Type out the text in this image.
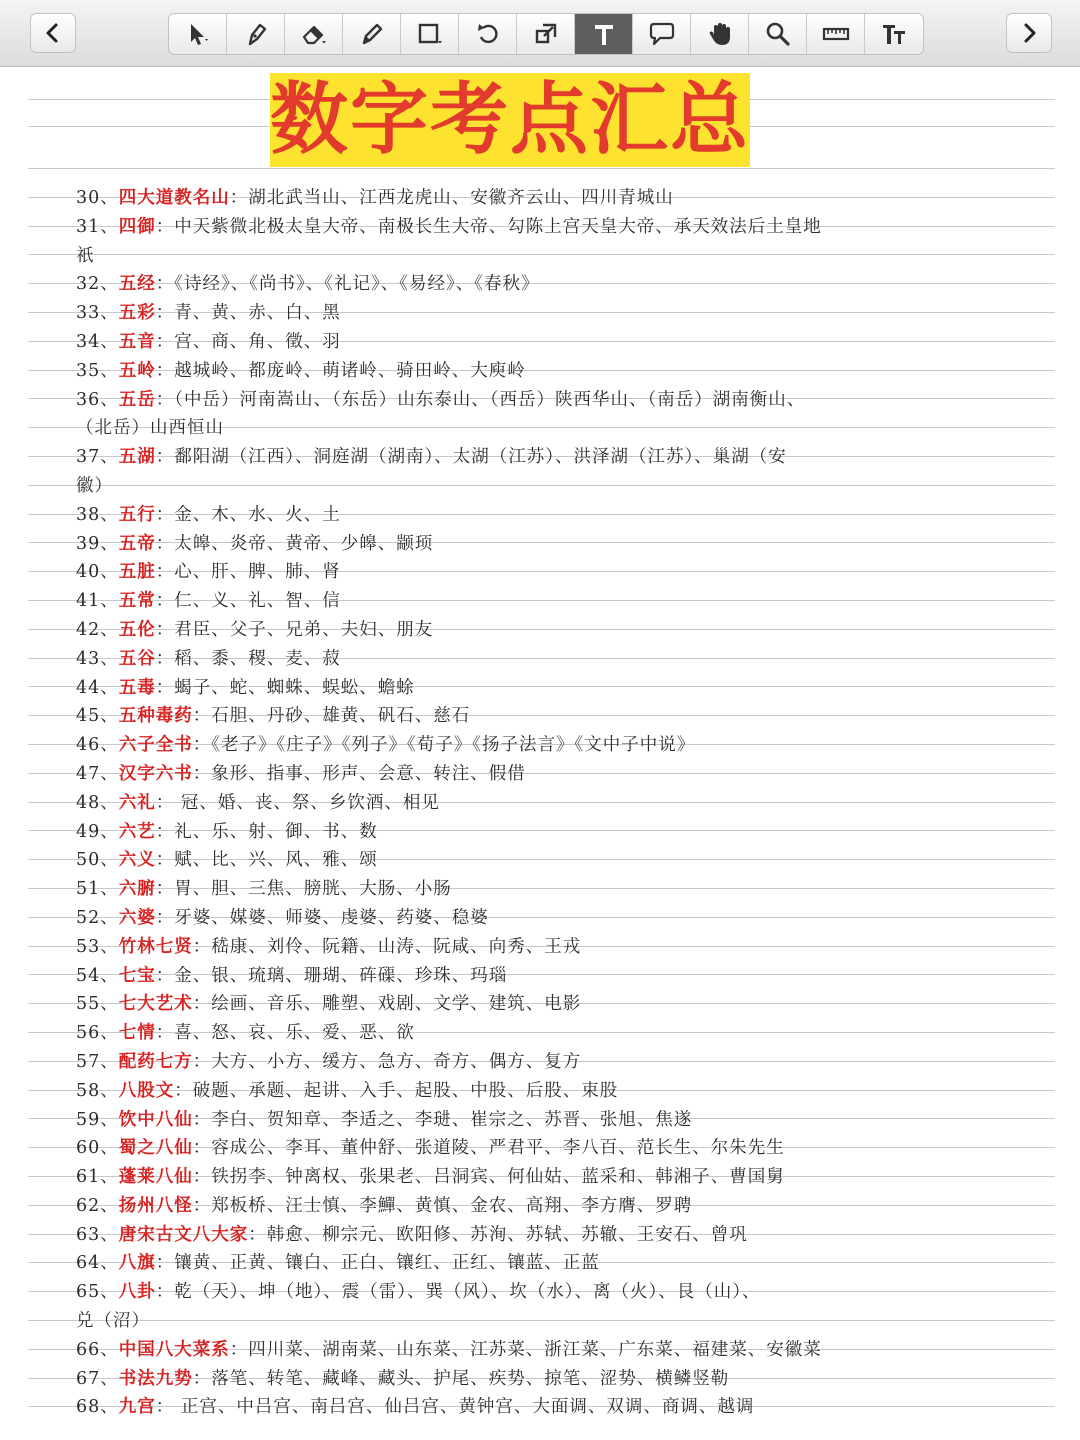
数字考点汇总
30、四大道教名山：湖北武当山、江西龙虎山、安徽齐云山、四川青城山
31、四御：中天紫微北极太皇大帝、南极长生大帝、勾陈上宫天皇大帝、承天效法后土皇地
祇
32、五经：《诗经》、《尚书》、《礼记》、《易经》、《春秋》
33、五彩：青、黄、赤、白、黑
34、五音：宫、商、角、徵、羽
35、五岭：越城岭、都庞岭、萌诸岭、骑田岭、大庾岭
36、五岳：（中岳）河南嵩山、（东岳）山东泰山、（西岳）陕西华山、（南岳）湖南衡山、
（北岳）山西恒山
37、五湖：鄱阳湖（江西）、洞庭湖（湖南）、太湖（江苏）、洪泽湖（江苏）、巢湖（安
徽）
38、五行：金、木、水、火、土
39、五帝：太皞、炎帝、黄帝、少皞、颛顼
40、五脏：心、肝、脾、肺、肾
41、五常：仁、义、礼、智、信
42、五伦：君臣、父子、兄弟、夫妇、朋友
43、五谷：稻、黍、稷、麦、菽
44、五毒：蝎子、蛇、蜘蛛、蜈蚣、蟾蜍
45、五种毒药：石胆、丹砂、雄黄、矾石、慈石
46、六子全书：《老子》《庄子》《列子》《荀子》《扬子法言》《文中子中说》
47、汉字六书：象形、指事、形声、会意、转注、假借
48、六礼： 冠、婚、丧、祭、乡饮酒、相见
49、六艺：礼、乐、射、御、书、数
50、六义：赋、比、兴、风、雅、颂
51、六腑：胃、胆、三焦、膀胱、大肠、小肠
52、六婆：牙婆、媒婆、师婆、虔婆、药婆、稳婆
53、竹林七贤：嵇康、刘伶、阮籍、山涛、阮咸、向秀、王戎
54、七宝：金、银、琉璃、珊瑚、砗磲、珍珠、玛瑙
55、七大艺术：绘画、音乐、雕塑、戏剧、文学、建筑、电影
56、七情：喜、怒、哀、乐、爱、恶、欲
57、配药七方：大方、小方、缓方、急方、奇方、偶方、复方
58、八股文：破题、承题、起讲、入手、起股、中股、后股、束股
59、饮中八仙：李白、贺知章、李适之、李琎、崔宗之、苏晋、张旭、焦遂
60、蜀之八仙：容成公、李耳、董仲舒、张道陵、严君平、李八百、范长生、尔朱先生
61、蓬莱八仙：铁拐李、钟离权、张果老、吕洞宾、何仙姑、蓝采和、韩湘子、曹国舅
62、扬州八怪：郑板桥、汪士慎、李鱓、黄慎、金农、高翔、李方膺、罗聘
63、唐宋古文八大家：韩愈、柳宗元、欧阳修、苏洵、苏轼、苏辙、王安石、曾巩
64、八旗：镶黄、正黄、镶白、正白、镶红、正红、镶蓝、正蓝
65、八卦：乾（天）、坤（地）、震（雷）、巽（风）、坎（水）、离（火）、艮（山）、
兑（沼）
66、中国八大菜系：四川菜、湖南菜、山东菜、江苏菜、浙江菜、广东菜、福建菜、安徽菜
67、书法九势：落笔、转笔、藏峰、藏头、护尾、疾势、掠笔、涩势、横鳞竖勒
68、九宫： 正宫、中吕宫、南吕宫、仙吕宫、黄钟宫、大面调、双调、商调、越调
